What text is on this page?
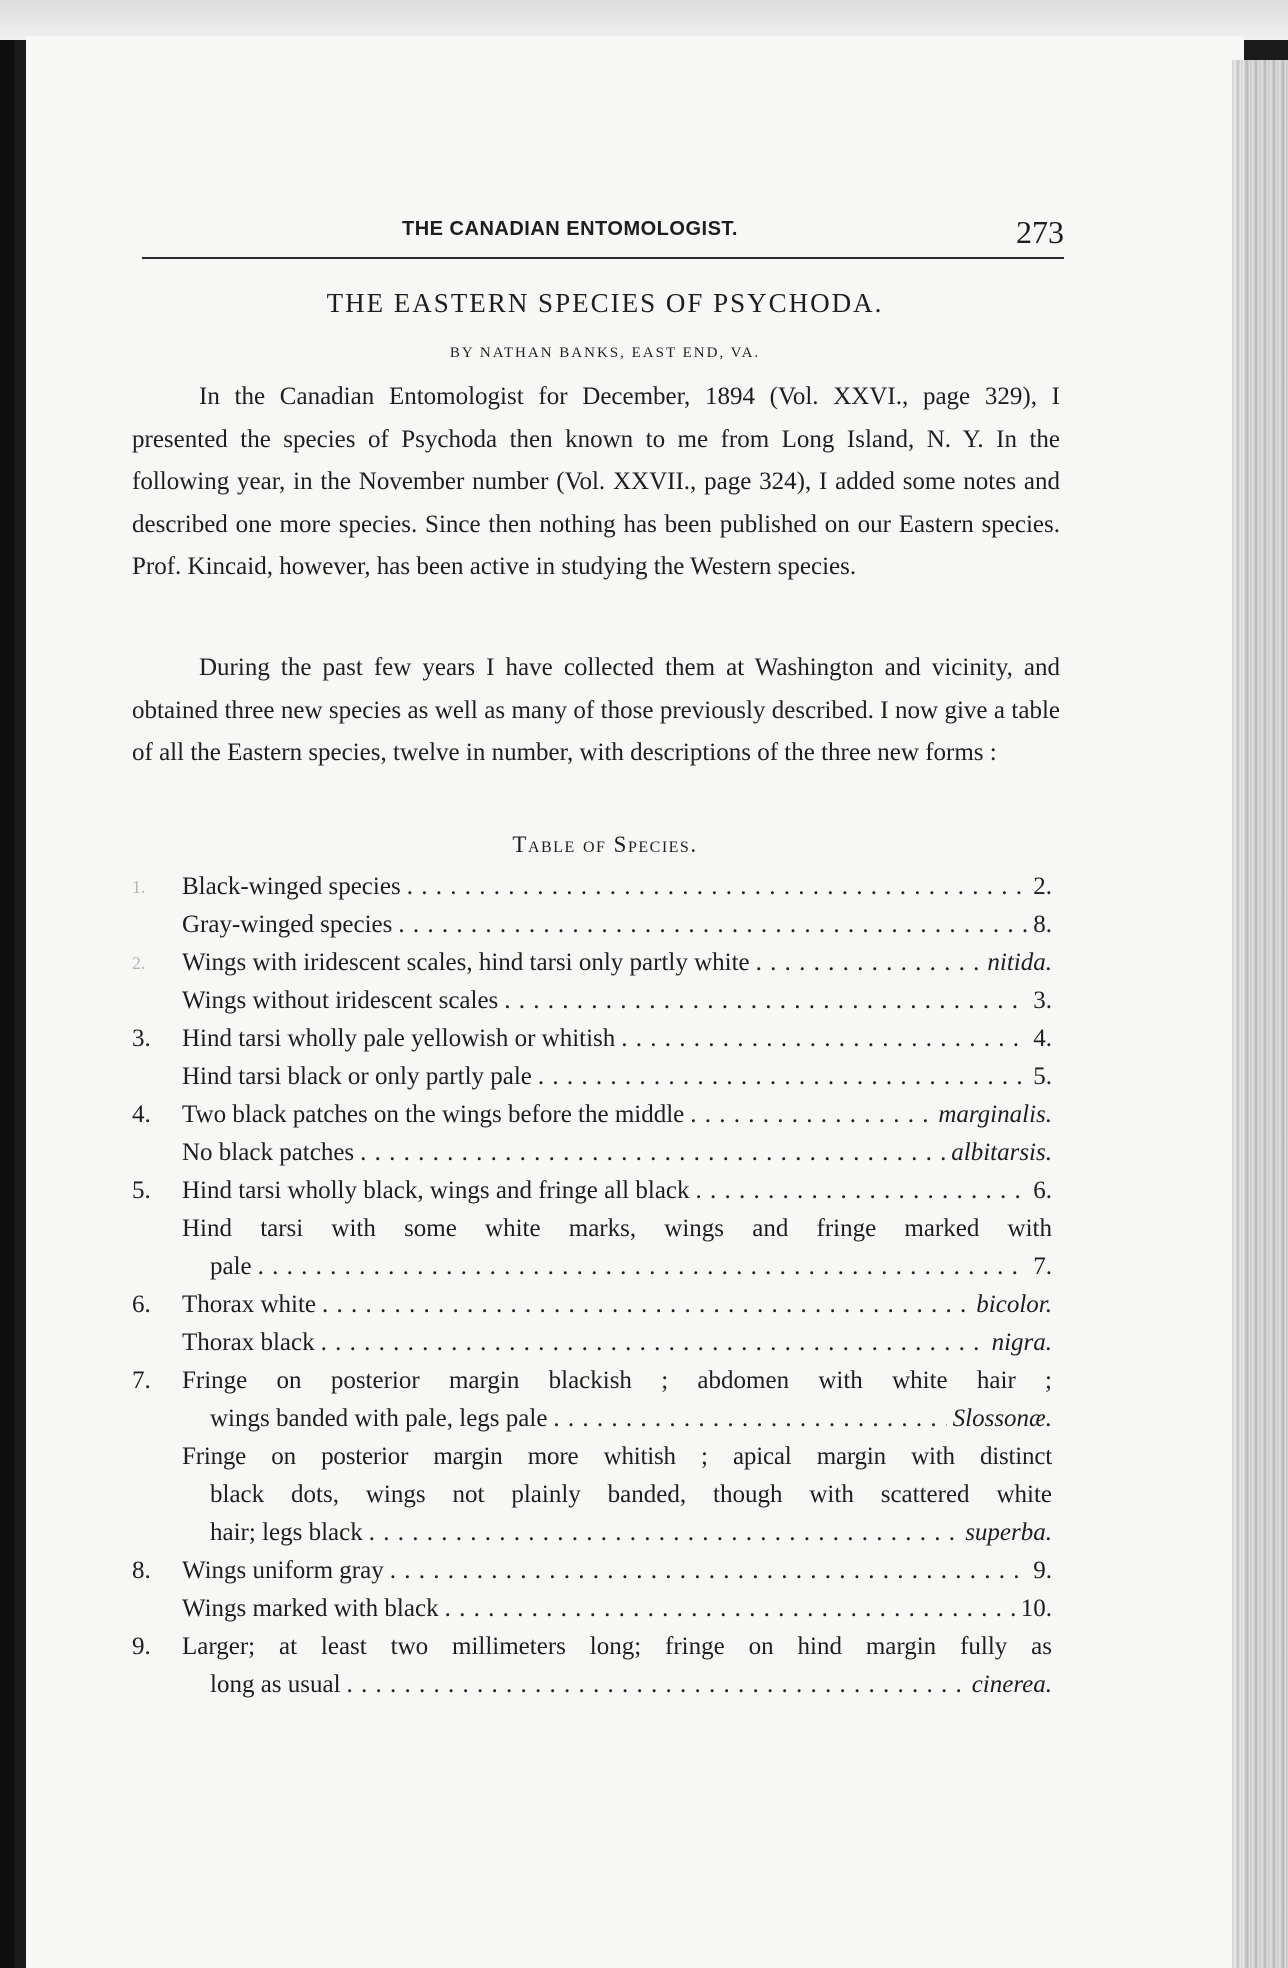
THE CANADIAN ENTOMOLOGIST.	273
THE EASTERN SPECIES OF PSYCHODA.
BY NATHAN BANKS, EAST END, VA.

In the Canadian Entomologist for December, 1894 (Vol. XXVI., page 329), I presented the species of Psychoda then known to me from Long Island, N. Y. In the following year, in the November number (Vol. XXVII., page 324), I added some notes and described one more species. Since then nothing has been published on our Eastern species. Prof. Kincaid, however, has been active in studying the Western species.

During the past few years I have collected them at Washington and vicinity, and obtained three new species as well as many of those previously described. I now give a table of all the Eastern species, twelve in number, with descriptions of the three new forms :

Table of Species.
1.	Black-winged species . . .	2.
Gray-winged species . . .	8.
2.	Wings with iridescent scales, hind tarsi only partly white . . .	nitida.
Wings without iridescent scales . . .	3.
3.	Hind tarsi wholly pale yellowish or whitish . . .	4.
Hind tarsi black or only partly pale . . .	5.
4.	Two black patches on the wings before the middle . . .	marginalis.
No black patches . . .	albitarsis.
5.	Hind tarsi wholly black, wings and fringe all black . . .	6.
Hind tarsi with some white marks, wings and fringe marked with
pale . . .	7.
6.	Thorax white . . .	bicolor.
Thorax black . . .	nigra.
7.	Fringe on posterior margin blackish ; abdomen with white hair ;
wings banded with pale, legs pale . . .	Slossonæ.
Fringe on posterior margin more whitish ; apical margin with distinct
black dots, wings not plainly banded, though with scattered white
hair; legs black . . .	superba.
8.	Wings uniform gray . . .	9.
Wings marked with black . . .	10.
9.	Larger; at least two millimeters long; fringe on hind margin fully as
long as usual . . .	cinerea.
